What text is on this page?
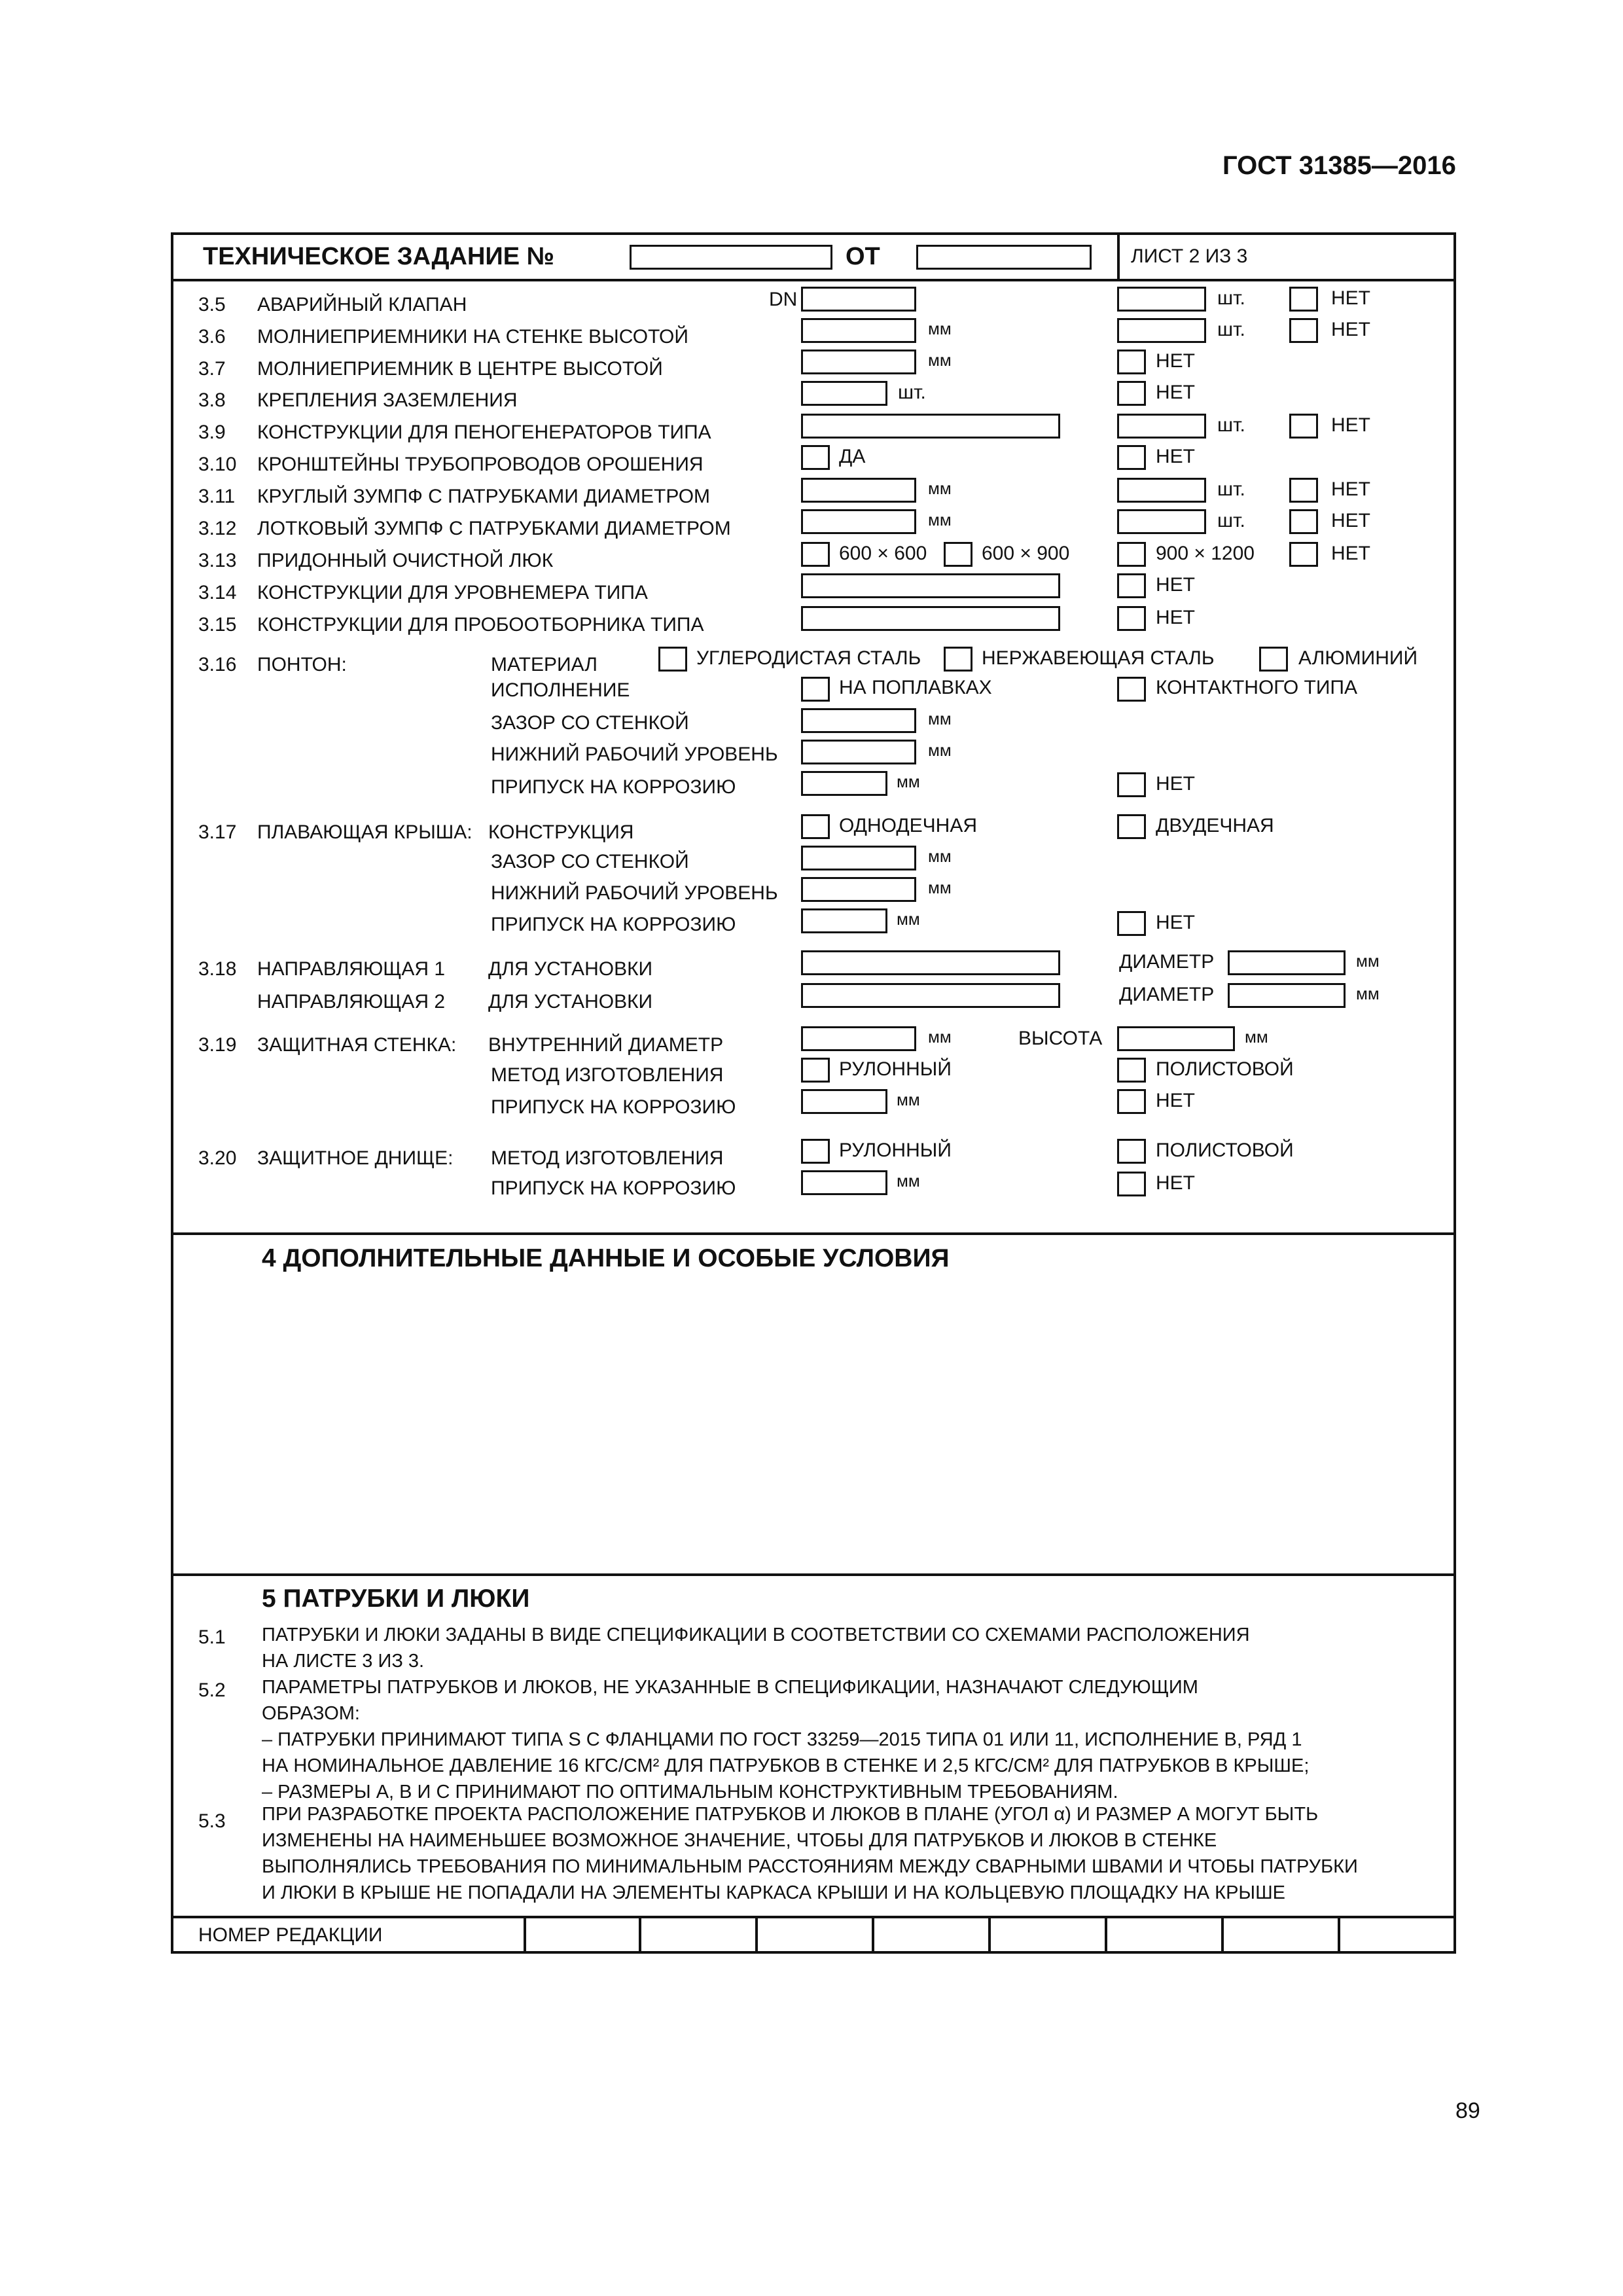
ГОСТ 31385—2016
ТЕХНИЧЕСКОЕ ЗАДАНИЕ №	ОТ	ЛИСТ 2 ИЗ 3
3.5 АВАРИЙНЫЙ КЛАПАН	DN	шт.	НЕТ
3.6 МОЛНИЕПРИЕМНИКИ НА СТЕНКЕ ВЫСОТОЙ	мм	шт.	НЕТ
3.7 МОЛНИЕПРИЕМНИК В ЦЕНТРЕ ВЫСОТОЙ	мм	НЕТ
3.8 КРЕПЛЕНИЯ ЗАЗЕМЛЕНИЯ	шт.	НЕТ
3.9 КОНСТРУКЦИИ ДЛЯ ПЕНОГЕНЕРАТОРОВ ТИПА	шт.	НЕТ
3.10 КРОНШТЕЙНЫ ТРУБОПРОВОДОВ ОРОШЕНИЯ	ДА	НЕТ
3.11 КРУГЛЫЙ ЗУМПФ С ПАТРУБКАМИ ДИАМЕТРОМ	мм	шт.	НЕТ
3.12 ЛОТКОВЫЙ ЗУМПФ С ПАТРУБКАМИ ДИАМЕТРОМ	мм	шт.	НЕТ
3.13 ПРИДОННЫЙ ОЧИСТНОЙ ЛЮК	600 × 600	600 × 900	900 × 1200	НЕТ
3.14 КОНСТРУКЦИИ ДЛЯ УРОВНЕМЕРА ТИПА	НЕТ
3.15 КОНСТРУКЦИИ ДЛЯ ПРОБООТБОРНИКА ТИПА	НЕТ
3.16 ПОНТОН:	МАТЕРИАЛ	УГЛЕРОДИСТАЯ СТАЛЬ	НЕРЖАВЕЮЩАЯ СТАЛЬ	АЛЮМИНИЙ
ИСПОЛНЕНИЕ	НА ПОПЛАВКАХ	КОНТАКТНОГО ТИПА
ЗАЗОР СО СТЕНКОЙ	мм
НИЖНИЙ РАБОЧИЙ УРОВЕНЬ	мм
ПРИПУСК НА КОРРОЗИЮ	мм	НЕТ
3.17 ПЛАВАЮЩАЯ КРЫША: КОНСТРУКЦИЯ	ОДНОДЕЧНАЯ	ДВУДЕЧНАЯ
ЗАЗОР СО СТЕНКОЙ	мм
НИЖНИЙ РАБОЧИЙ УРОВЕНЬ	мм
ПРИПУСК НА КОРРОЗИЮ	мм	НЕТ
3.18 НАПРАВЛЯЮЩАЯ 1 ДЛЯ УСТАНОВКИ	ДИАМЕТР	мм
НАПРАВЛЯЮЩАЯ 2 ДЛЯ УСТАНОВКИ	ДИАМЕТР	мм
3.19 ЗАЩИТНАЯ СТЕНКА: ВНУТРЕННИЙ ДИАМЕТР	мм	ВЫСОТА	мм
МЕТОД ИЗГОТОВЛЕНИЯ	РУЛОННЫЙ	ПОЛИСТОВОЙ
ПРИПУСК НА КОРРОЗИЮ	мм	НЕТ
3.20 ЗАЩИТНОЕ ДНИЩЕ: МЕТОД ИЗГОТОВЛЕНИЯ	РУЛОННЫЙ	ПОЛИСТОВОЙ
ПРИПУСК НА КОРРОЗИЮ	мм	НЕТ
4 ДОПОЛНИТЕЛЬНЫЕ ДАННЫЕ И ОСОБЫЕ УСЛОВИЯ
5 ПАТРУБКИ И ЛЮКИ
5.1 ПАТРУБКИ И ЛЮКИ ЗАДАНЫ В ВИДЕ СПЕЦИФИКАЦИИ В СООТВЕТСТВИИ СО СХЕМАМИ РАСПОЛОЖЕНИЯ
НА ЛИСТЕ 3 ИЗ 3.
5.2 ПАРАМЕТРЫ ПАТРУБКОВ И ЛЮКОВ, НЕ УКАЗАННЫЕ В СПЕЦИФИКАЦИИ, НАЗНАЧАЮТ СЛЕДУЮЩИМ
ОБРАЗОМ:
– ПАТРУБКИ ПРИНИМАЮТ ТИПА S С ФЛАНЦАМИ ПО ГОСТ 33259—2015 ТИПА 01 ИЛИ 11, ИСПОЛНЕНИЕ В, РЯД 1
НА НОМИНАЛЬНОЕ ДАВЛЕНИЕ 16 КГС/СМ² ДЛЯ ПАТРУБКОВ В СТЕНКЕ И 2,5 КГС/СМ² ДЛЯ ПАТРУБКОВ В КРЫШЕ;
– РАЗМЕРЫ А, В И С ПРИНИМАЮТ ПО ОПТИМАЛЬНЫМ КОНСТРУКТИВНЫМ ТРЕБОВАНИЯМ.
5.3 ПРИ РАЗРАБОТКЕ ПРОЕКТА РАСПОЛОЖЕНИЕ ПАТРУБКОВ И ЛЮКОВ В ПЛАНЕ (УГОЛ α) И РАЗМЕР А МОГУТ БЫТЬ
ИЗМЕНЕНЫ НА НАИМЕНЬШЕЕ ВОЗМОЖНОЕ ЗНАЧЕНИЕ, ЧТОБЫ ДЛЯ ПАТРУБКОВ И ЛЮКОВ В СТЕНКЕ
ВЫПОЛНЯЛИСЬ ТРЕБОВАНИЯ ПО МИНИМАЛЬНЫМ РАССТОЯНИЯМ МЕЖДУ СВАРНЫМИ ШВАМИ И ЧТОБЫ ПАТРУБКИ
И ЛЮКИ В КРЫШЕ НЕ ПОПАДАЛИ НА ЭЛЕМЕНТЫ КАРКАСА КРЫШИ И НА КОЛЬЦЕВУЮ ПЛОЩАДКУ НА КРЫШЕ
НОМЕР РЕДАКЦИИ
89
